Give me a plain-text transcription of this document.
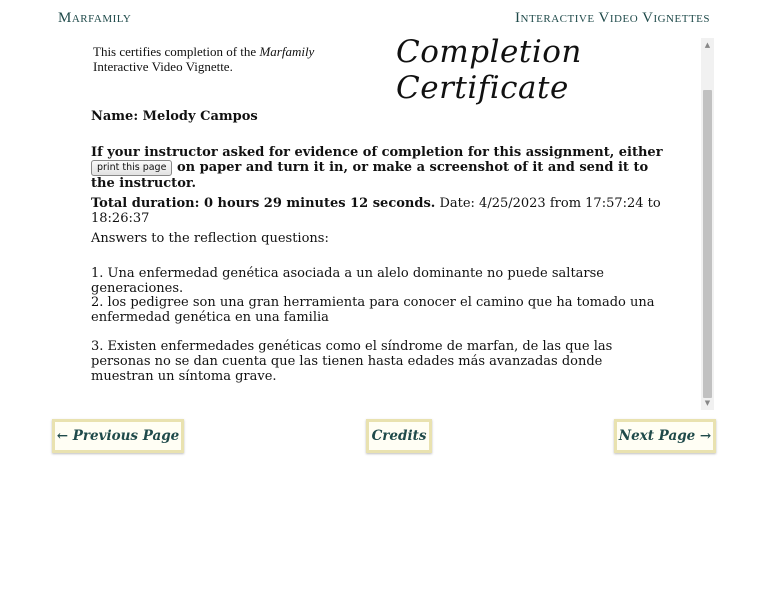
Marfamily	Interactive Video Vignettes
This certifies completion of the Marfamily Interactive Video Vignette.	Completion Certificate
Name: Melody Campos
If your instructor asked for evidence of completion for this assignment, either print this page on paper and turn it in, or make a screenshot of it and send it to the instructor.
Total duration: 0 hours 29 minutes 12 seconds. Date: 4/25/2023 from 17:57:24 to 18:26:37
Answers to the reflection questions:
1. Una enfermedad genética asociada a un alelo dominante no puede saltarse generaciones.
2. los pedigree son una gran herramienta para conocer el camino que ha tomado una enfermedad genética en una familia
3. Existen enfermedades genéticas como el síndrome de marfan, de las que las personas no se dan cuenta que las tienen hasta edades más avanzadas donde muestran un síntoma grave.
▲
▼
← Previous Page	Credits	Next Page →
